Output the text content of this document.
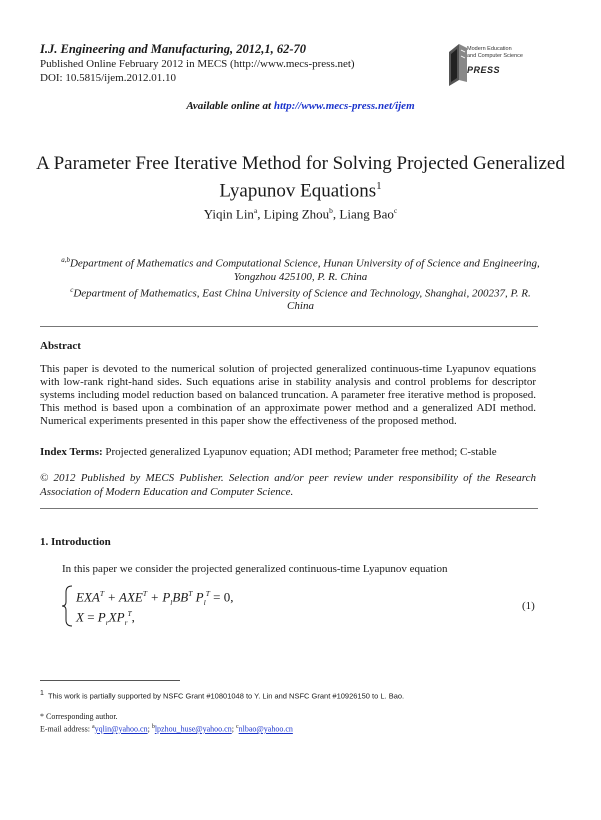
I.J. Engineering and Manufacturing, 2012,1, 62-70
Published Online February 2012 in MECS (http://www.mecs-press.net)
DOI: 10.5815/ijem.2012.01.10
Modern Education
and Computer Science
PRESS
Available online at http://www.mecs-press.net/ijem
A Parameter Free Iterative Method for Solving Projected Generalized
Lyapunov Equations$^1$
Yiqin Lin$^a$, Liping Zhou$^b$, Liang Bao$^c$
$^{a,b}$Department of Mathematics and Computational Science, Hunan University of of Science and Engineering,
Yongzhou 425100, P. R. China
$^c$Department of Mathematics, East China University of Science and Technology, Shanghai, 200237, P. R.
China
Abstract
This paper is devoted to the numerical solution of projected generalized continuous-time Lyapunov equations with low-rank right-hand sides. Such equations arise in stability analysis and control problems for descriptor systems including model reduction based on balanced truncation. A parameter free iterative method is proposed. This method is based upon a combination of an approximate power method and a generalized ADI method. Numerical experiments presented in this paper show the effectiveness of the proposed method.
Index Terms: Projected generalized Lyapunov equation; ADI method; Parameter free method; C-stable
© 2012 Published by MECS Publisher. Selection and/or peer review under responsibility of the Research Association of Modern Education and Computer Science.
1. Introduction
In this paper we consider the projected generalized continuous-time Lyapunov equation
$EXA^T + AXE^T + P_lBB^T$ $P_l^T = 0$,
$X = P_rXP_r^T$,
(1)
$^1$ This work is partially supported by NSFC Grant #10801048 to Y. Lin and NSFC Grant #10926150 to L. Bao.
* Corresponding author.
E-mail address: $^a$yqlin@yahoo.cn; $^b$lpzhou_huse@yahoo.cn; $^c$nlbao@yahoo.cn
